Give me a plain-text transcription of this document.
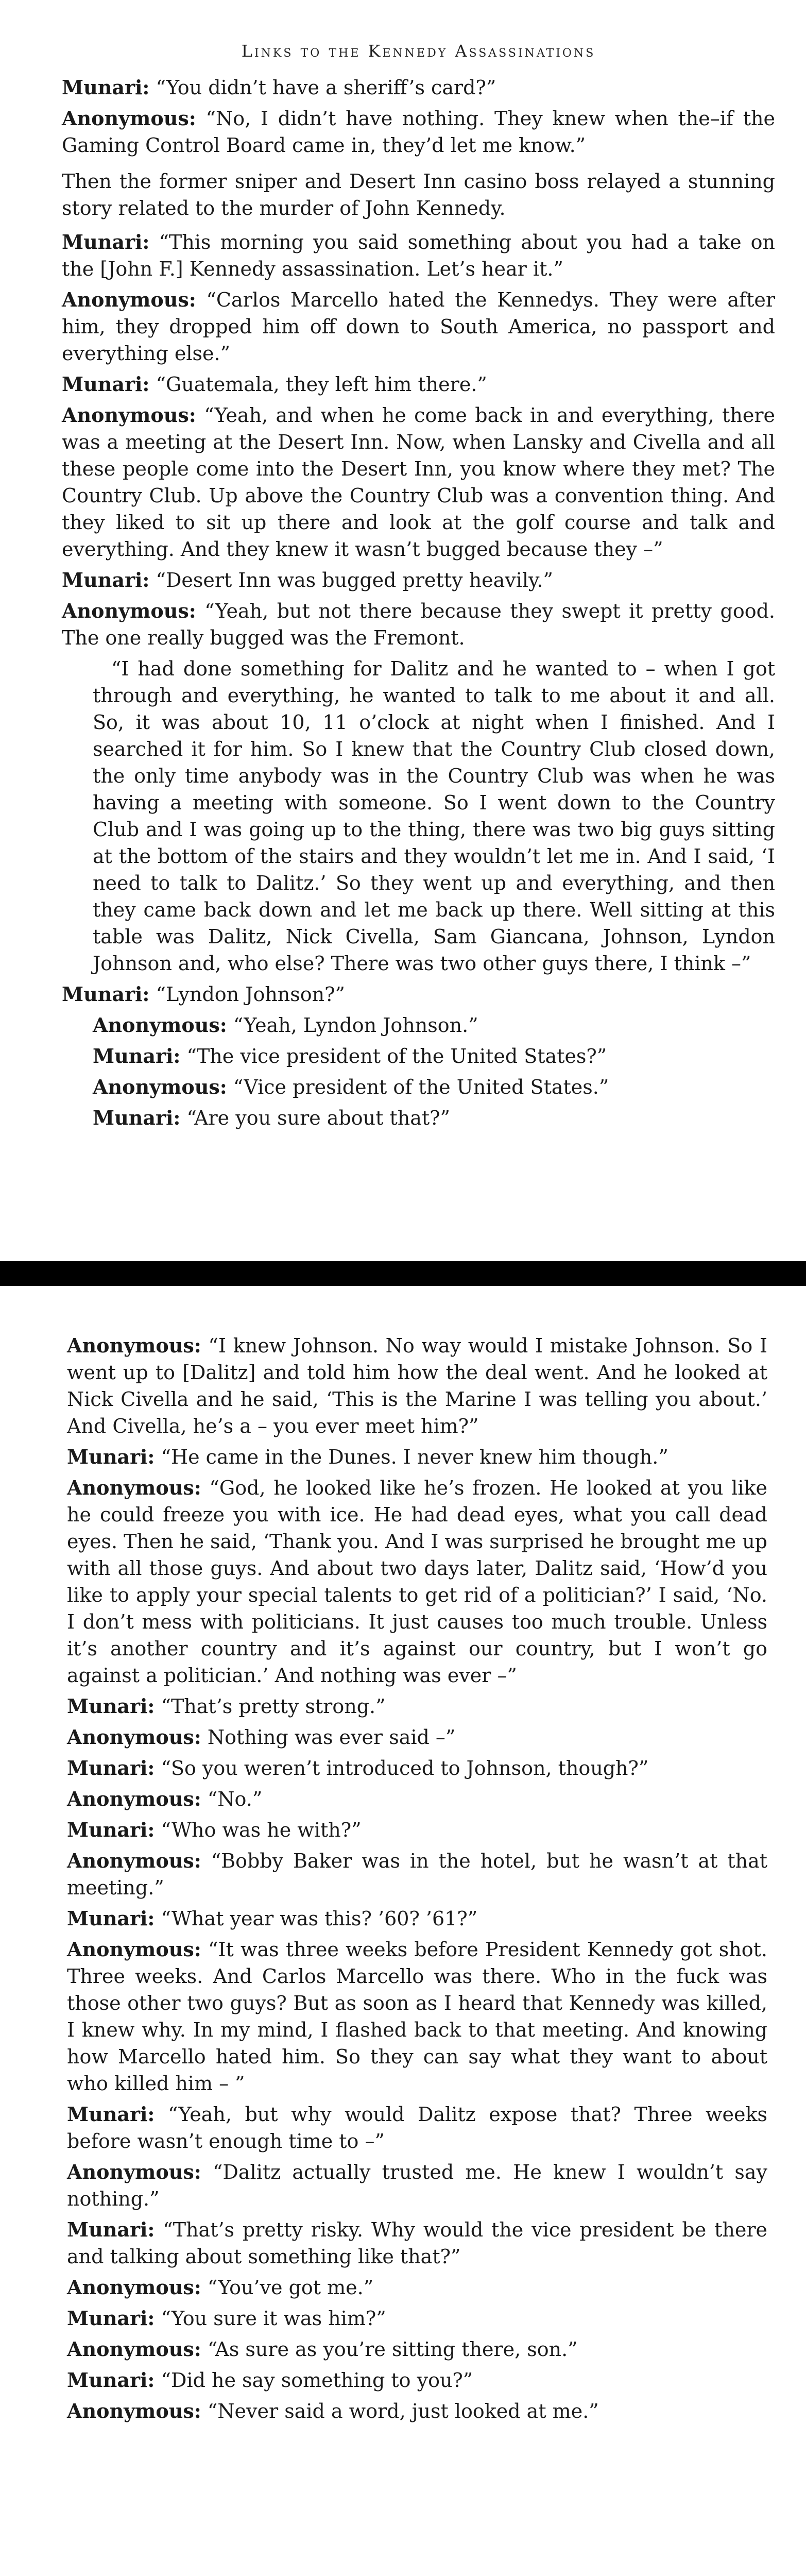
Links to the Kennedy Assassinations

Munari: “You didn’t have a sheriff’s card?”

Anonymous: “No, I didn’t have nothing. They knew when the–if the Gaming Control Board came in, they’d let me know.”

Then the former sniper and Desert Inn casino boss relayed a stunning story related to the murder of John Kennedy.

Munari: “This morning you said something about you had a take on the [John F.] Kennedy assassination. Let’s hear it.”

Anonymous: “Carlos Marcello hated the Kennedys. They were after him, they dropped him off down to South America, no passport and everything else.”

Munari: “Guatemala, they left him there.”

Anonymous: “Yeah, and when he come back in and everything, there was a meeting at the Desert Inn. Now, when Lansky and Civella and all these people come into the Desert Inn, you know where they met? The Country Club. Up above the Country Club was a convention thing. And they liked to sit up there and look at the golf course and talk and everything. And they knew it wasn’t bugged because they –”

Munari: “Desert Inn was bugged pretty heavily.”

Anonymous: “Yeah, but not there because they swept it pretty good. The one really bugged was the Fremont.

“I had done something for Dalitz and he wanted to – when I got through and everything, he wanted to talk to me about it and all. So, it was about 10, 11 o’clock at night when I finished. And I searched it for him. So I knew that the Country Club closed down, the only time anybody was in the Country Club was when he was having a meeting with someone. So I went down to the Country Club and I was going up to the thing, there was two big guys sitting at the bottom of the stairs and they wouldn’t let me in. And I said, ‘I need to talk to Dalitz.’ So they went up and everything, and then they came back down and let me back up there. Well sitting at this table was Dalitz, Nick Civella, Sam Giancana, Johnson, Lyndon Johnson and, who else? There was two other guys there, I think –”

Munari: “Lyndon Johnson?”

Anonymous: “Yeah, Lyndon Johnson.”

Munari: “The vice president of the United States?”

Anonymous: “Vice president of the United States.”

Munari: “Are you sure about that?”

Anonymous: “I knew Johnson. No way would I mistake Johnson. So I went up to [Dalitz] and told him how the deal went. And he looked at Nick Civella and he said, ‘This is the Marine I was telling you about.’ And Civella, he’s a – you ever meet him?”

Munari: “He came in the Dunes. I never knew him though.”

Anonymous: “God, he looked like he’s frozen. He looked at you like he could freeze you with ice. He had dead eyes, what you call dead eyes. Then he said, ‘Thank you. And I was surprised he brought me up with all those guys. And about two days later, Dalitz said, ‘How’d you like to apply your special talents to get rid of a politician?’ I said, ‘No. I don’t mess with politicians. It just causes too much trouble. Unless it’s another country and it’s against our country, but I won’t go against a politician.’ And nothing was ever –”

Munari: “That’s pretty strong.”

Anonymous: Nothing was ever said –”

Munari: “So you weren’t introduced to Johnson, though?”

Anonymous: “No.”

Munari: “Who was he with?”

Anonymous: “Bobby Baker was in the hotel, but he wasn’t at that meeting.”

Munari: “What year was this? ’60? ’61?”

Anonymous: “It was three weeks before President Kennedy got shot. Three weeks. And Carlos Marcello was there. Who in the fuck was those other two guys? But as soon as I heard that Kennedy was killed, I knew why. In my mind, I flashed back to that meeting. And knowing how Marcello hated him. So they can say what they want to about who killed him – ”

Munari: “Yeah, but why would Dalitz expose that? Three weeks before wasn’t enough time to –”

Anonymous: “Dalitz actually trusted me. He knew I wouldn’t say nothing.”

Munari: “That’s pretty risky. Why would the vice president be there and talking about something like that?”

Anonymous: “You’ve got me.”

Munari: “You sure it was him?”

Anonymous: “As sure as you’re sitting there, son.”

Munari: “Did he say something to you?”

Anonymous: “Never said a word, just looked at me.”
